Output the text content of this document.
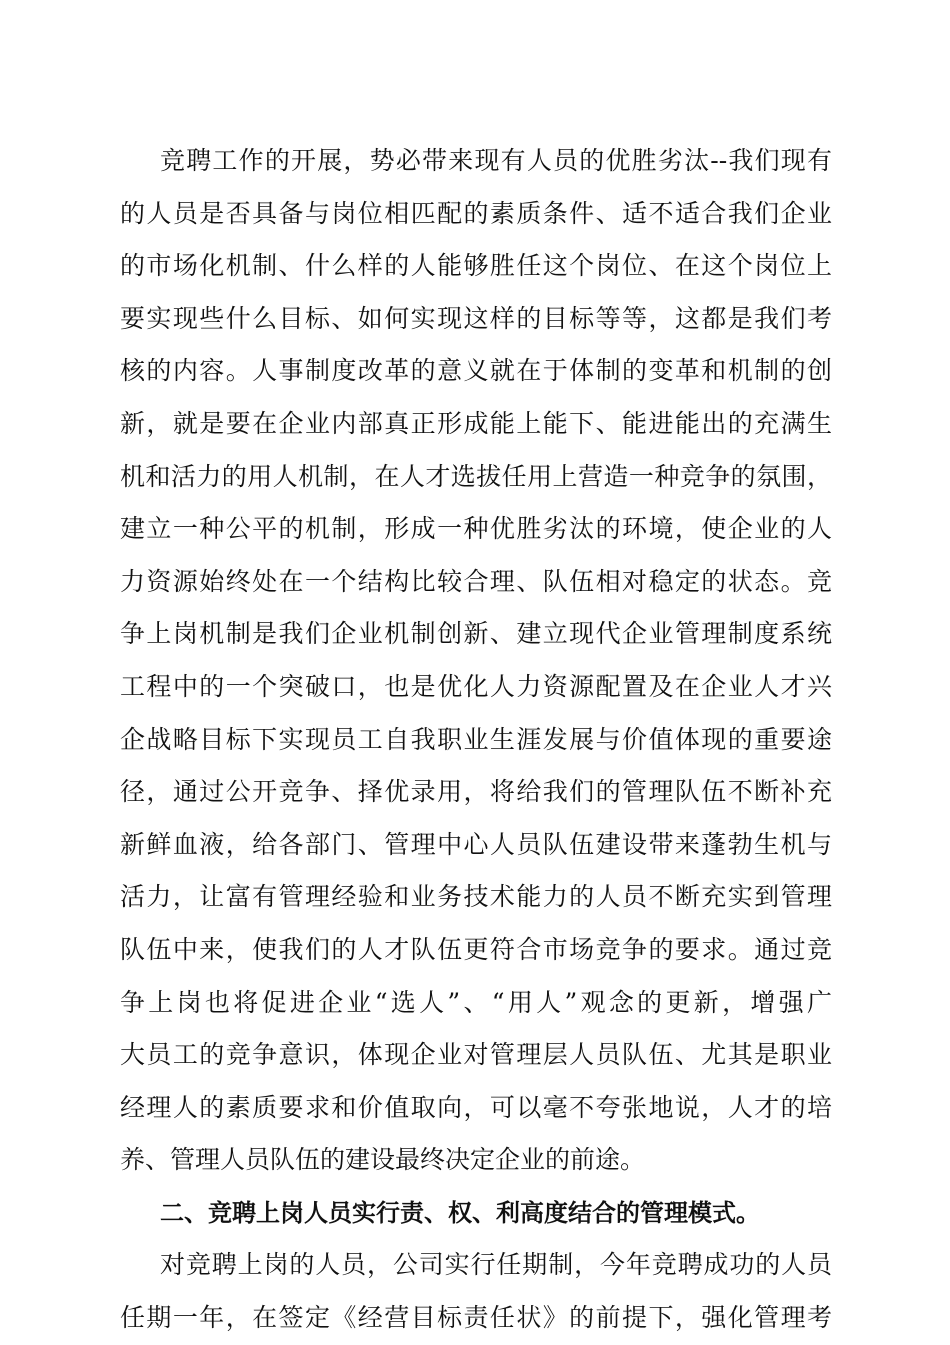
竞聘工作的开展，势必带来现有人员的优胜劣汰--我们现有
的人员是否具备与岗位相匹配的素质条件、适不适合我们企业
的市场化机制、什么样的人能够胜任这个岗位、在这个岗位上
要实现些什么目标、如何实现这样的目标等等，这都是我们考
核的内容。人事制度改革的意义就在于体制的变革和机制的创
新，就是要在企业内部真正形成能上能下、能进能出的充满生
机和活力的用人机制，在人才选拔任用上营造一种竞争的氛围，
建立一种公平的机制，形成一种优胜劣汰的环境，使企业的人
力资源始终处在一个结构比较合理、队伍相对稳定的状态。竞
争上岗机制是我们企业机制创新、建立现代企业管理制度系统
工程中的一个突破口，也是优化人力资源配置及在企业人才兴
企战略目标下实现员工自我职业生涯发展与价值体现的重要途
径，通过公开竞争、择优录用，将给我们的管理队伍不断补充
新鲜血液，给各部门、管理中心人员队伍建设带来蓬勃生机与
活力，让富有管理经验和业务技术能力的人员不断充实到管理
队伍中来，使我们的人才队伍更符合市场竞争的要求。通过竞
争上岗也将促进企业“选人”、“用人”观念的更新，增强广
大员工的竞争意识，体现企业对管理层人员队伍、尤其是职业
经理人的素质要求和价值取向，可以毫不夸张地说，人才的培
养、管理人员队伍的建设最终决定企业的前途。
二、竞聘上岗人员实行责、权、利高度结合的管理模式。
对竞聘上岗的人员，公司实行任期制，今年竞聘成功的人员
任期一年，在签定《经营目标责任状》的前提下，强化管理考
